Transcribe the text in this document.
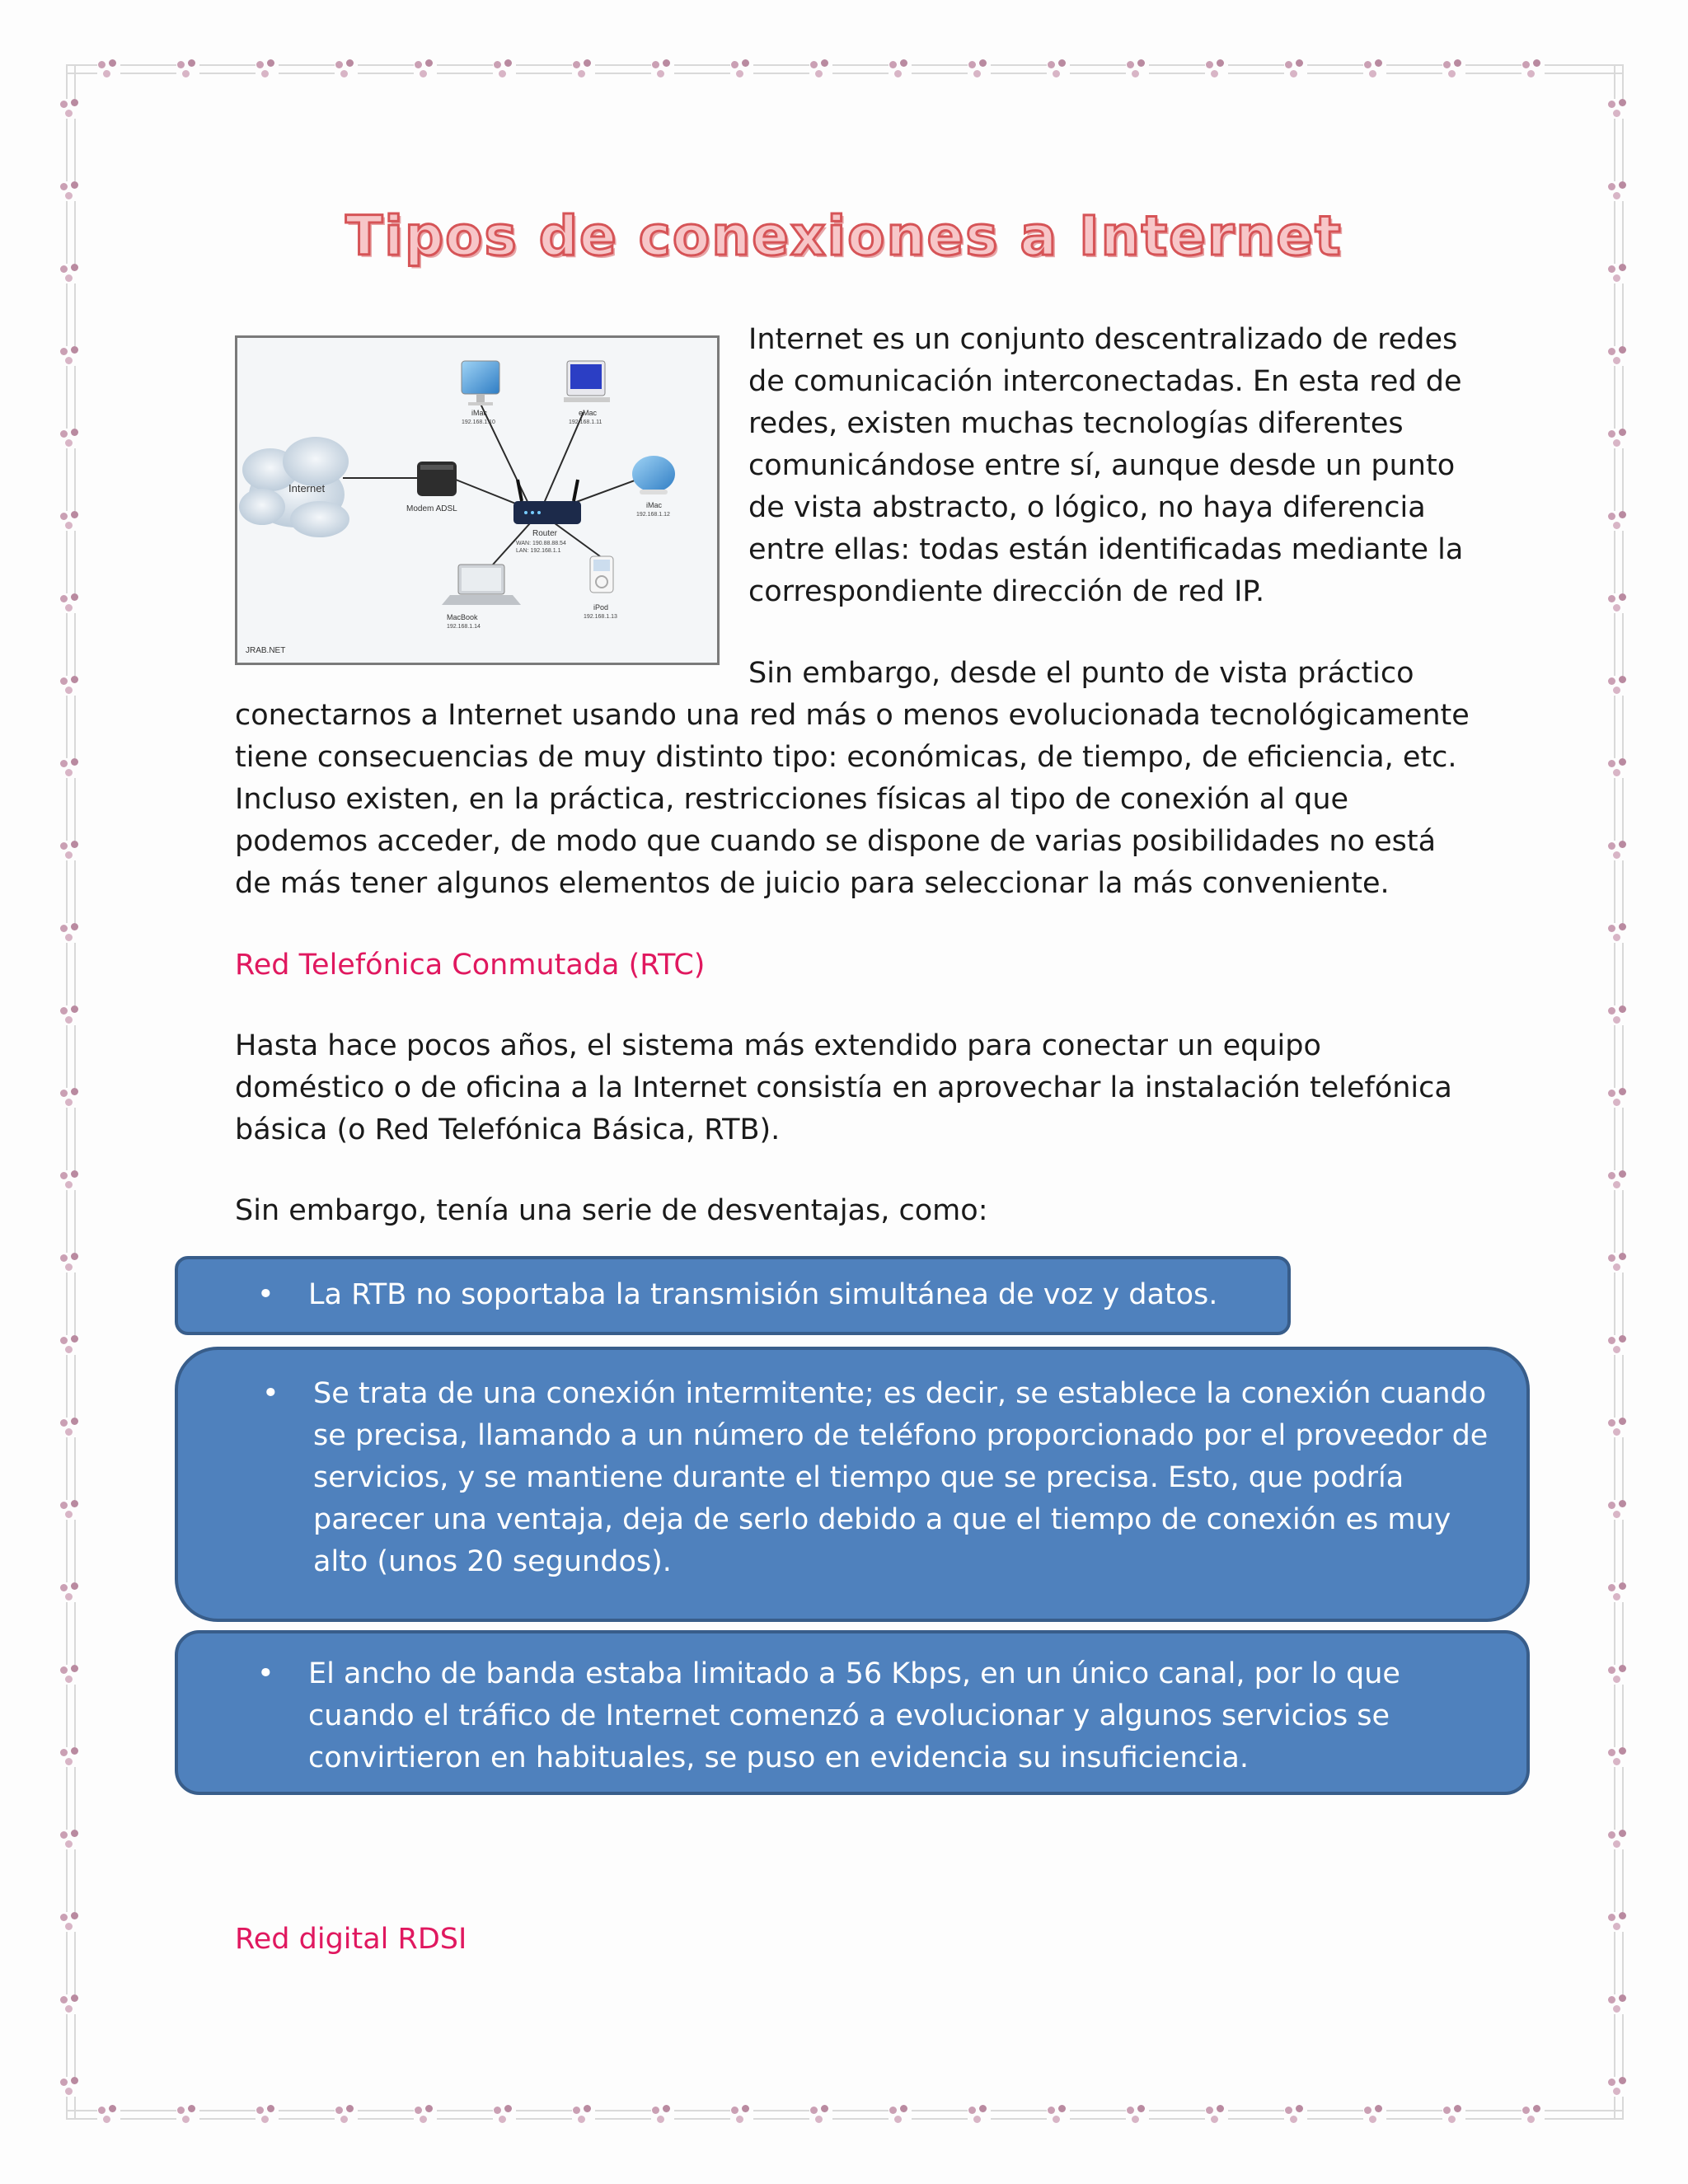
Tipos de conexiones a Internet
Internet
Modem ADSL
Router
WAN: 190.88.88.54
LAN: 192.168.1.1
iMac
192.168.1.10
eMac
192.168.1.11
iMac
192.168.1.12
MacBook
192.168.1.14
iPod
192.168.1.13
JRAB.NET

Internet es un conjunto descentralizado de redes de comunicación interconectadas. En esta red de redes, existen muchas tecnologías diferentes comunicándose entre sí, aunque desde un punto de vista abstracto, o lógico, no haya diferencia entre ellas: todas están identificadas mediante la correspondiente dirección de red IP.

Sin embargo, desde el punto de vista práctico

conectarnos a Internet usando una red más o menos evolucionada tecnológicamente tiene consecuencias de muy distinto tipo: económicas, de tiempo, de eficiencia, etc. Incluso existen, en la práctica, restricciones físicas al tipo de conexión al que podemos acceder, de modo que cuando se dispone de varias posibilidades no está de más tener algunos elementos de juicio para seleccionar la más conveniente.

Red Telefónica Conmutada (RTC)

Hasta hace pocos años, el sistema más extendido para conectar un equipo doméstico o de oficina a la Internet consistía en aprovechar la instalación telefónica básica (o Red Telefónica Básica, RTB).

Sin embargo, tenía una serie de desventajas, como:

•	La RTB no soportaba la transmisión simultánea de voz y datos.
•	Se trata de una conexión intermitente; es decir, se establece la conexión cuando se precisa, llamando a un número de teléfono proporcionado por el proveedor de servicios, y se mantiene durante el tiempo que se precisa. Esto, que podría parecer una ventaja, deja de serlo debido a que el tiempo de conexión es muy alto (unos 20 segundos).
•	El ancho de banda estaba limitado a 56 Kbps, en un único canal, por lo que cuando el tráfico de Internet comenzó a evolucionar y algunos servicios se convirtieron en habituales, se puso en evidencia su insuficiencia.
Red digital RDSI
